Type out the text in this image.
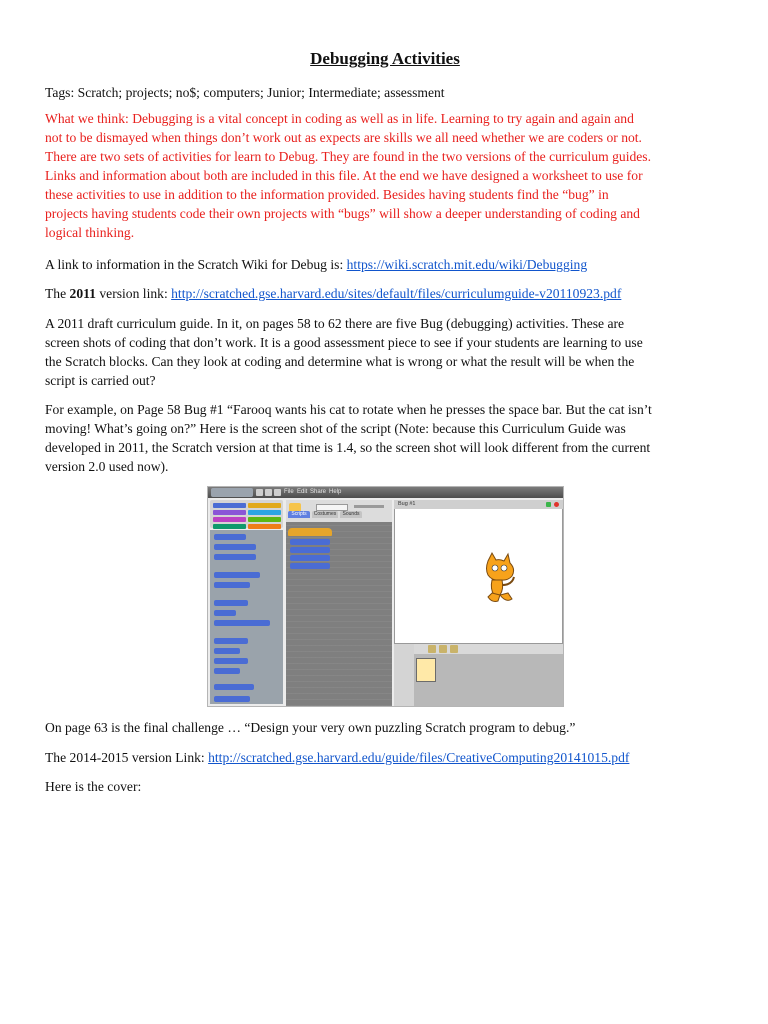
Debugging Activities

Tags: Scratch; projects; no$; computers; Junior; Intermediate; assessment

What we think: Debugging is a vital concept in coding as well as in life. Learning to try again and again and
not to be dismayed when things don’t work out as expects are skills we all need whether we are coders or not.
There are two sets of activities for learn to Debug. They are found in the two versions of the curriculum guides.
Links and information about both are included in this file. At the end we have designed a worksheet to use for
these activities to use in addition to the information provided. Besides having students find the “bug” in
projects having students code their own projects with “bugs” will show a deeper understanding of coding and
logical thinking.

A link to information in the Scratch Wiki for Debug is: https://wiki.scratch.mit.edu/wiki/Debugging

The 2011 version link: http://scratched.gse.harvard.edu/sites/default/files/curriculumguide-v20110923.pdf

A 2011 draft curriculum guide. In it, on pages 58 to 62 there are five Bug (debugging) activities. These are
screen shots of coding that don’t work. It is a good assessment piece to see if your students are learning to use
the Scratch blocks. Can they look at coding and determine what is wrong or what the result will be when the
script is carried out?
For example, on Page 58 Bug #1 “Farooq wants his cat to rotate when he presses the space bar. But the cat isn’t
moving! What’s going on?” Here is the screen shot of the script (Note: because this Curriculum Guide was
developed in 2011, the Scratch version at that time is 1.4, so the screen shot will look different from the current
version 2.0 used now).
File Edit Share Help
Scripts	Costumes	Sounds
Bug #1

On page 63 is the final challenge … “Design your very own puzzling Scratch program to debug.”

The 2014-2015 version Link: http://scratched.gse.harvard.edu/guide/files/CreativeComputing20141015.pdf

Here is the cover:
